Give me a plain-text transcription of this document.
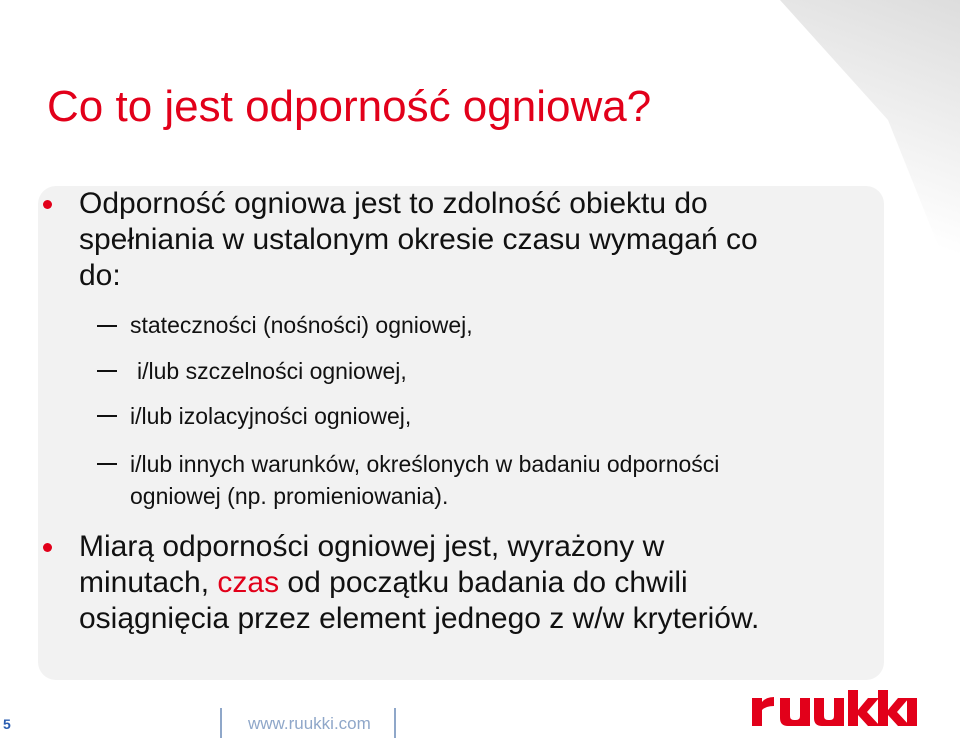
Co to jest odporność ogniowa?
Odporność ogniowa jest to zdolność obiektu do
spełniania w ustalonym okresie czasu wymagań co
do:
stateczności (nośności) ogniowej,
i/lub szczelności ogniowej,
i/lub izolacyjności ogniowej,
i/lub innych warunków, określonych w badaniu odporności
ogniowej (np. promieniowania).
Miarą odporności ogniowej jest, wyrażony w
minutach, czas od początku badania do chwili
osiągnięcia przez element jednego z w/w kryteriów.
5	www.ruukki.com
